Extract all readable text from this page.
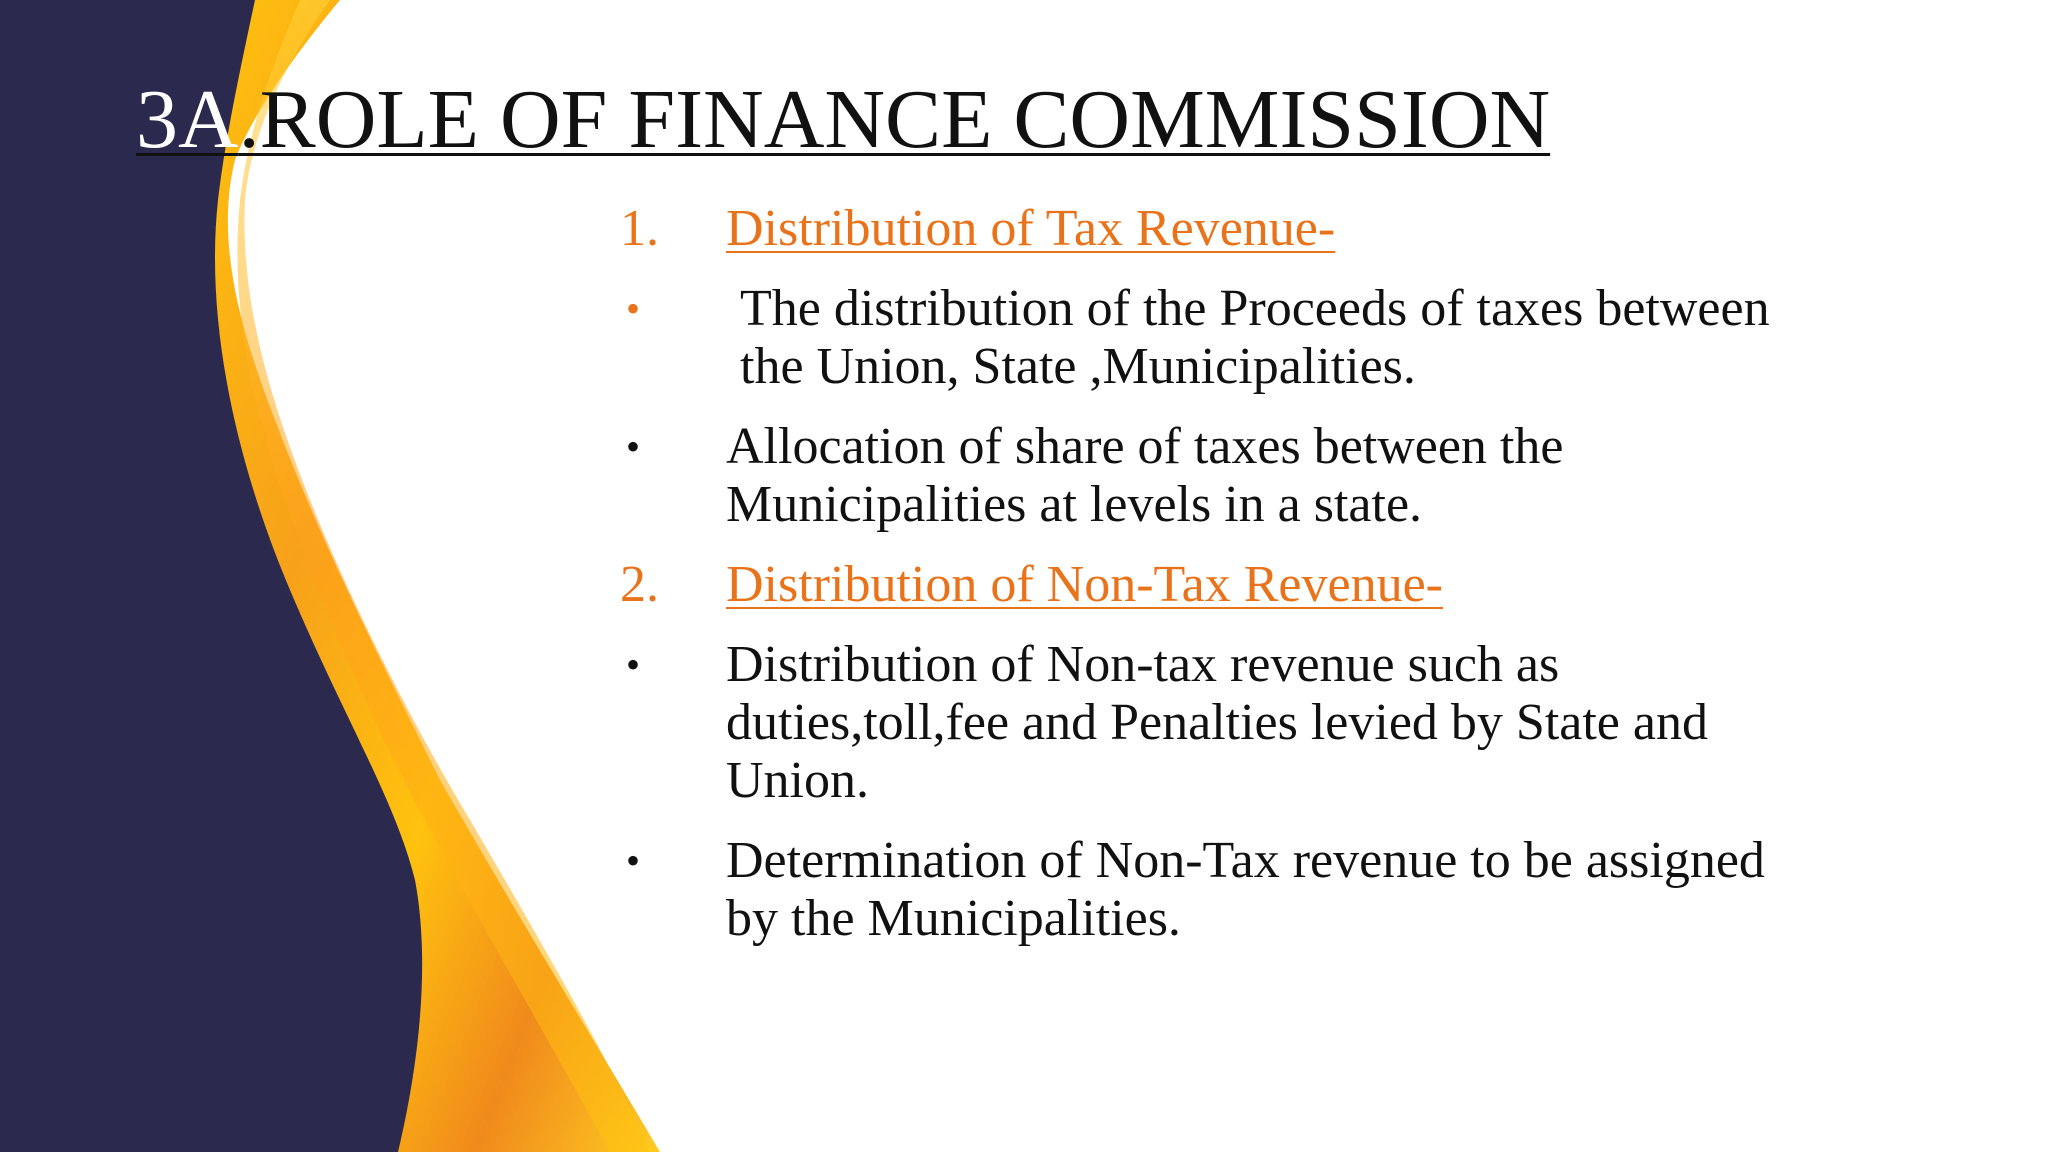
3A.ROLE OF FINANCE COMMISSION
1. Distribution of Tax Revenue-
• The distribution of the Proceeds of taxes between the Union, State ,Municipalities.
• Allocation of share of taxes between the Municipalities at levels in a state.
2. Distribution of Non-Tax Revenue-
• Distribution of Non-tax revenue such as duties,toll,fee and Penalties levied by State and Union.
• Determination of Non-Tax revenue to be assigned by the Municipalities.
